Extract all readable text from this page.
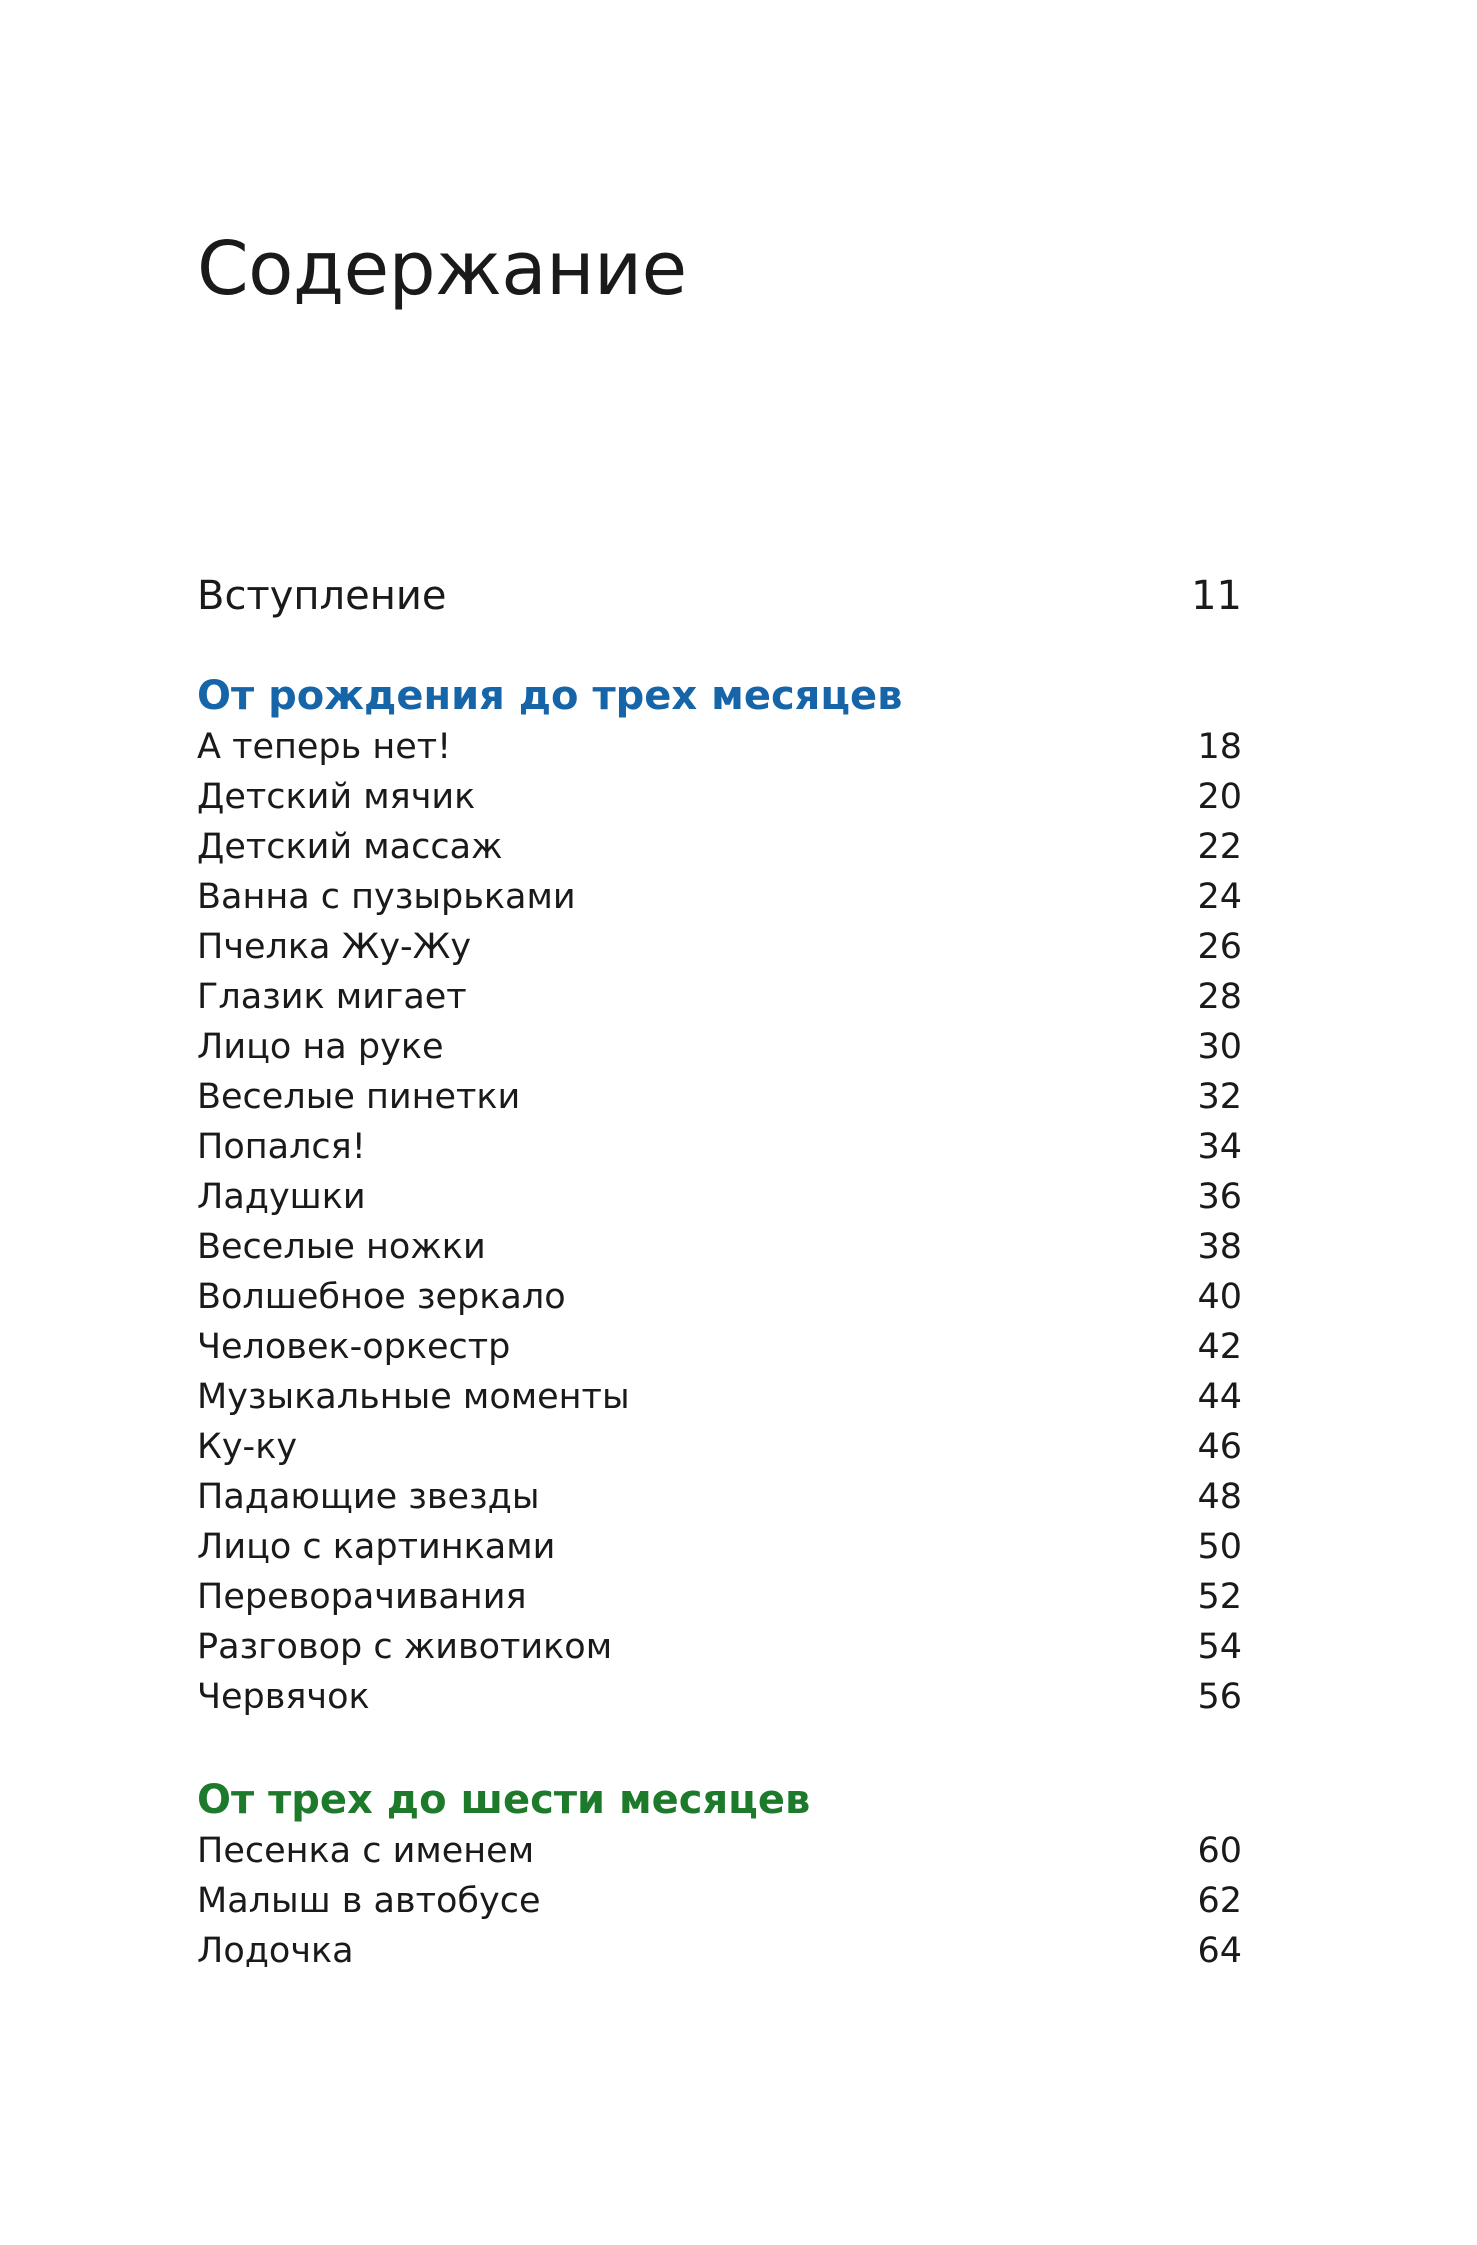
Содержание
Вступление	11
От рождения до трех месяцев
А теперь нет!	18
Детский мячик	20
Детский массаж	22
Ванна с пузырьками	24
Пчелка Жу-Жу	26
Глазик мигает	28
Лицо на руке	30
Веселые пинетки	32
Попался!	34
Ладушки	36
Веселые ножки	38
Волшебное зеркало	40
Человек-оркестр	42
Музыкальные моменты	44
Ку-ку	46
Падающие звезды	48
Лицо с картинками	50
Переворачивания	52
Разговор с животиком	54
Червячок	56
От трех до шести месяцев
Песенка с именем	60
Малыш в автобусе	62
Лодочка	64
